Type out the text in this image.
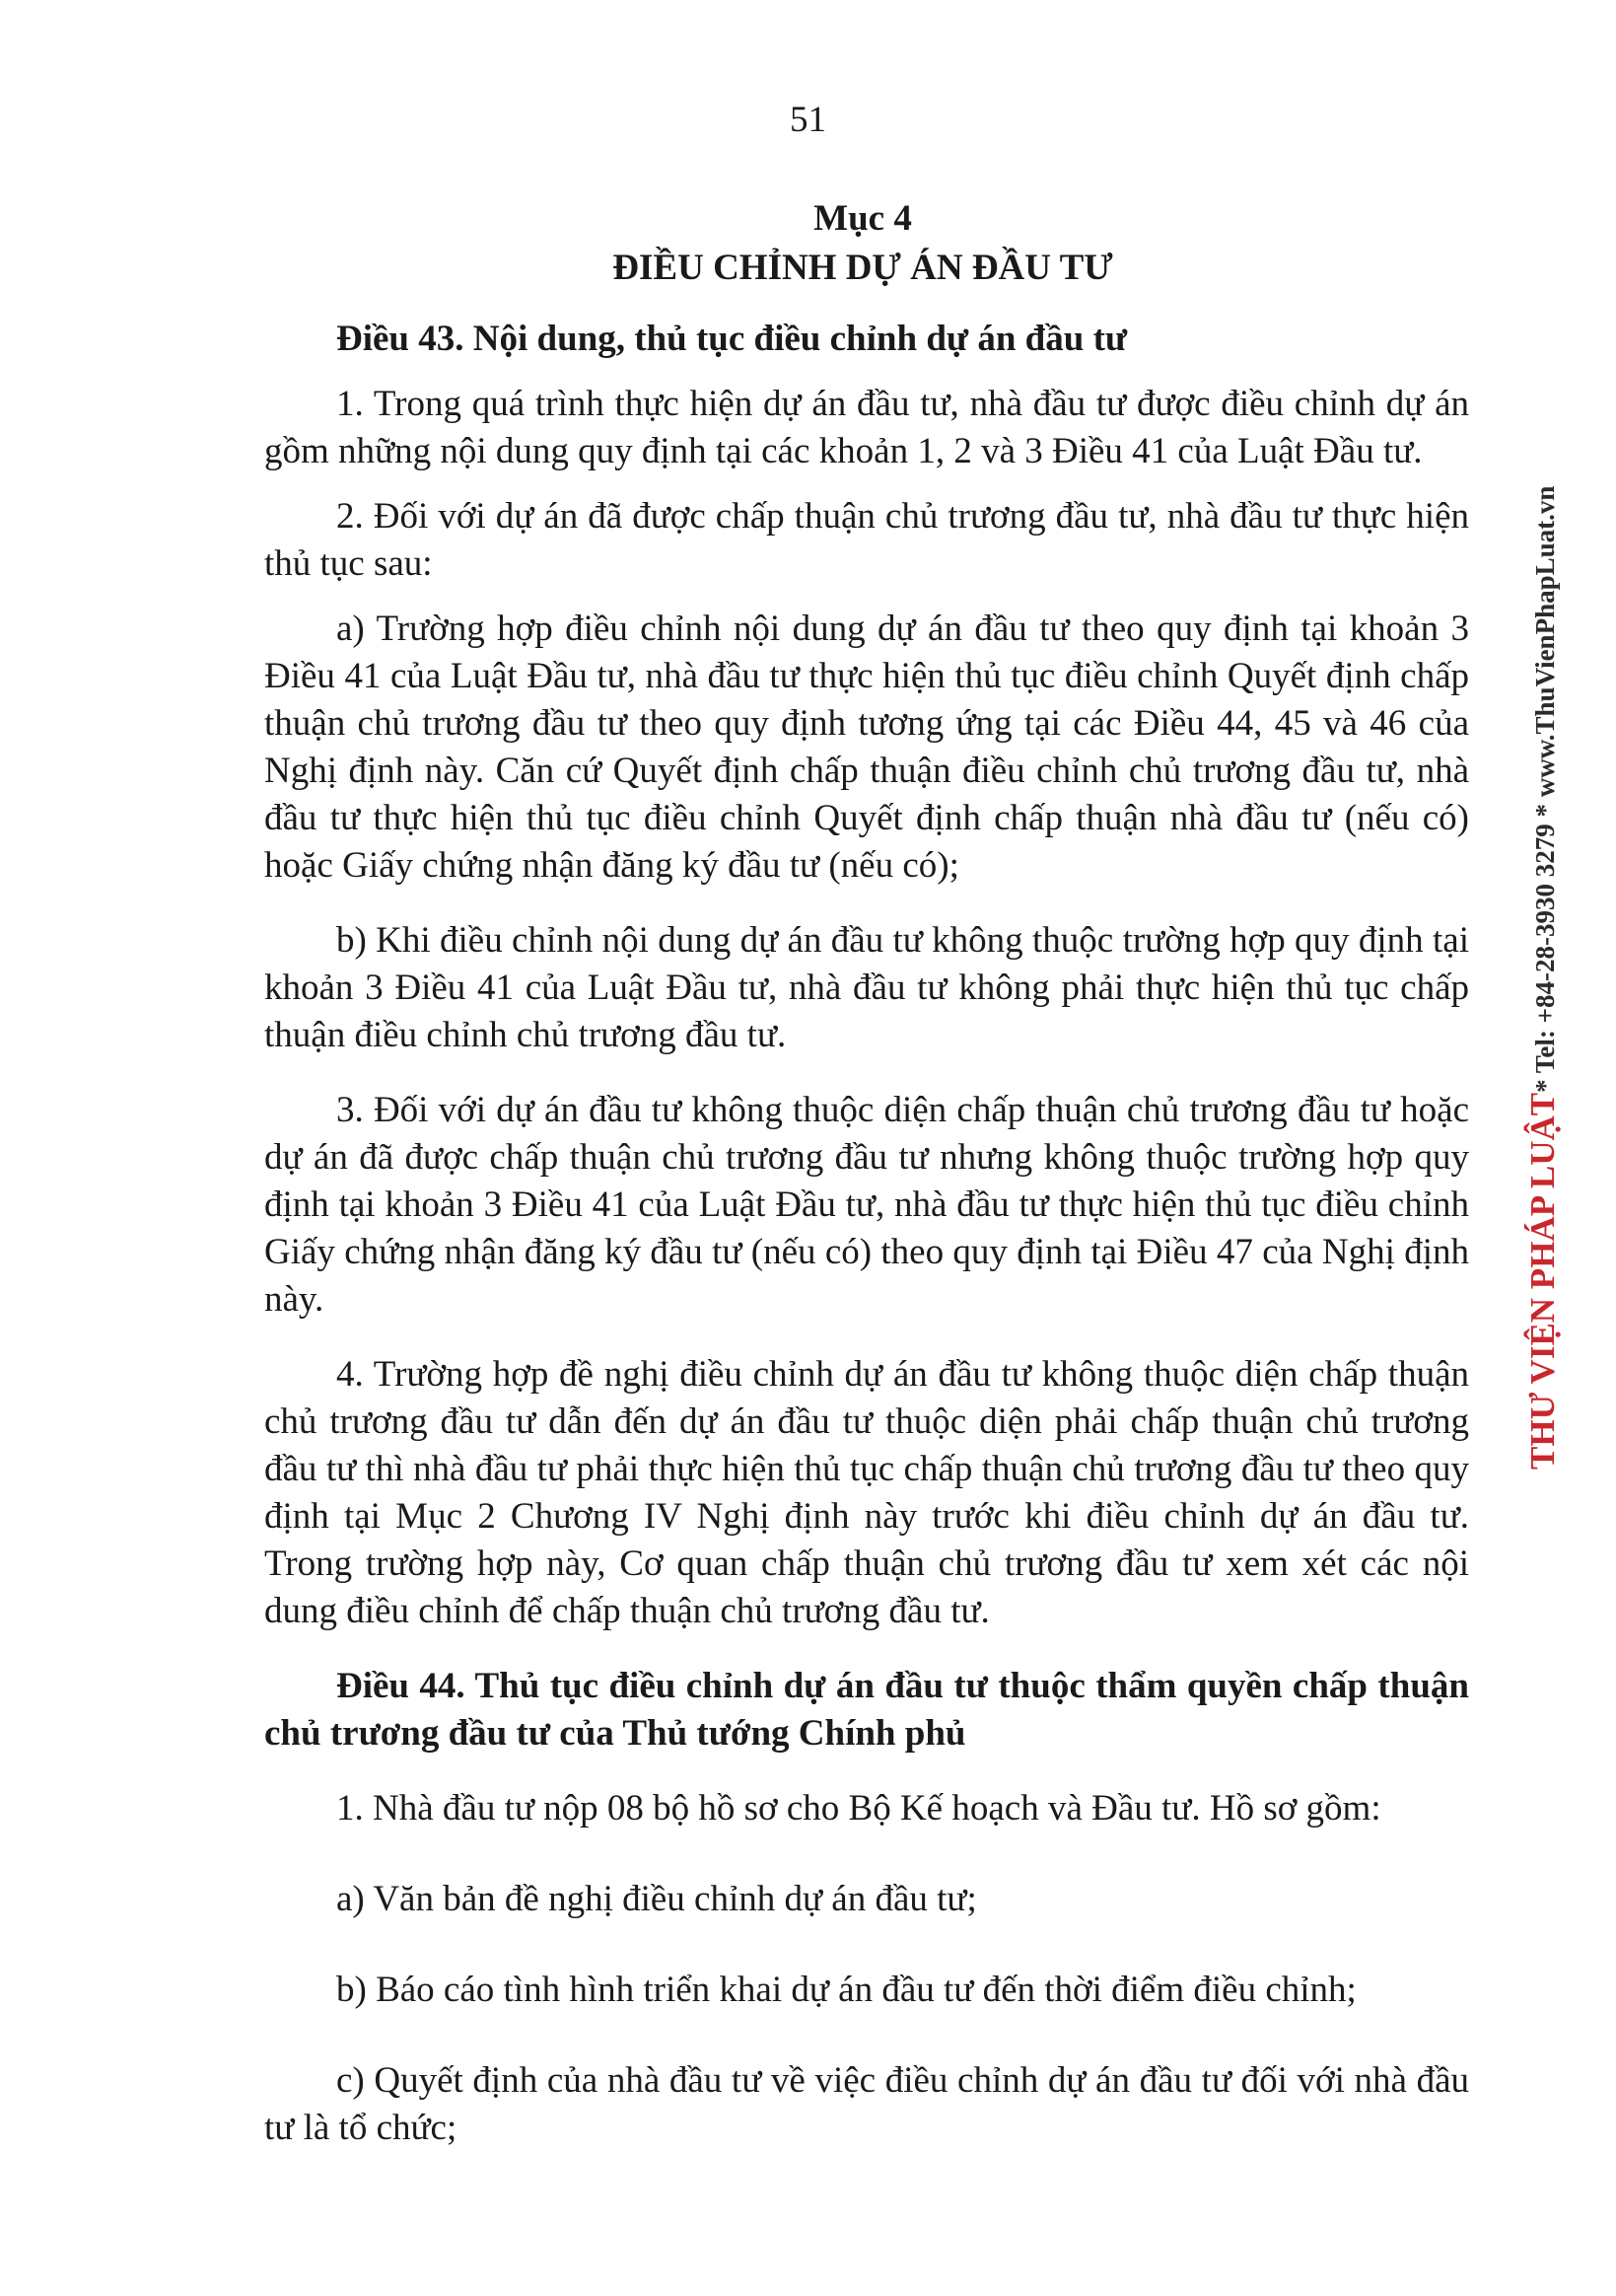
51
Mục 4
ĐIỀU CHỈNH DỰ ÁN ĐẦU TƯ

Điều 43. Nội dung, thủ tục điều chỉnh dự án đầu tư

1. Trong quá trình thực hiện dự án đầu tư, nhà đầu tư được điều chỉnh dự án gồm những nội dung quy định tại các khoản 1, 2 và 3 Điều 41 của Luật Đầu tư.

2. Đối với dự án đã được chấp thuận chủ trương đầu tư, nhà đầu tư thực hiện thủ tục sau:

a) Trường hợp điều chỉnh nội dung dự án đầu tư theo quy định tại khoản 3 Điều 41 của Luật Đầu tư, nhà đầu tư thực hiện thủ tục điều chỉnh Quyết định chấp thuận chủ trương đầu tư theo quy định tương ứng tại các Điều 44, 45 và 46 của Nghị định này. Căn cứ Quyết định chấp thuận điều chỉnh chủ trương đầu tư, nhà đầu tư thực hiện thủ tục điều chỉnh Quyết định chấp thuận nhà đầu tư (nếu có) hoặc Giấy chứng nhận đăng ký đầu tư (nếu có);

b) Khi điều chỉnh nội dung dự án đầu tư không thuộc trường hợp quy định tại khoản 3 Điều 41 của Luật Đầu tư, nhà đầu tư không phải thực hiện thủ tục chấp thuận điều chỉnh chủ trương đầu tư.

3. Đối với dự án đầu tư không thuộc diện chấp thuận chủ trương đầu tư hoặc dự án đã được chấp thuận chủ trương đầu tư nhưng không thuộc trường hợp quy định tại khoản 3 Điều 41 của Luật Đầu tư, nhà đầu tư thực hiện thủ tục điều chỉnh Giấy chứng nhận đăng ký đầu tư (nếu có) theo quy định tại Điều 47 của Nghị định này.

4. Trường hợp đề nghị điều chỉnh dự án đầu tư không thuộc diện chấp thuận chủ trương đầu tư dẫn đến dự án đầu tư thuộc diện phải chấp thuận chủ trương đầu tư thì nhà đầu tư phải thực hiện thủ tục chấp thuận chủ trương đầu tư theo quy định tại Mục 2 Chương IV Nghị định này trước khi điều chỉnh dự án đầu tư. Trong trường hợp này, Cơ quan chấp thuận chủ trương đầu tư xem xét các nội dung điều chỉnh để chấp thuận chủ trương đầu tư.

Điều 44. Thủ tục điều chỉnh dự án đầu tư thuộc thẩm quyền chấp thuận chủ trương đầu tư của Thủ tướng Chính phủ

1. Nhà đầu tư nộp 08 bộ hồ sơ cho Bộ Kế hoạch và Đầu tư. Hồ sơ gồm:

a) Văn bản đề nghị điều chỉnh dự án đầu tư;

b) Báo cáo tình hình triển khai dự án đầu tư đến thời điểm điều chỉnh;

c) Quyết định của nhà đầu tư về việc điều chỉnh dự án đầu tư đối với nhà đầu tư là tổ chức;

THƯ VIỆN PHÁP LUẬT* Tel: +84-28-3930 3279 * www.ThuVienPhapLuat.vn
